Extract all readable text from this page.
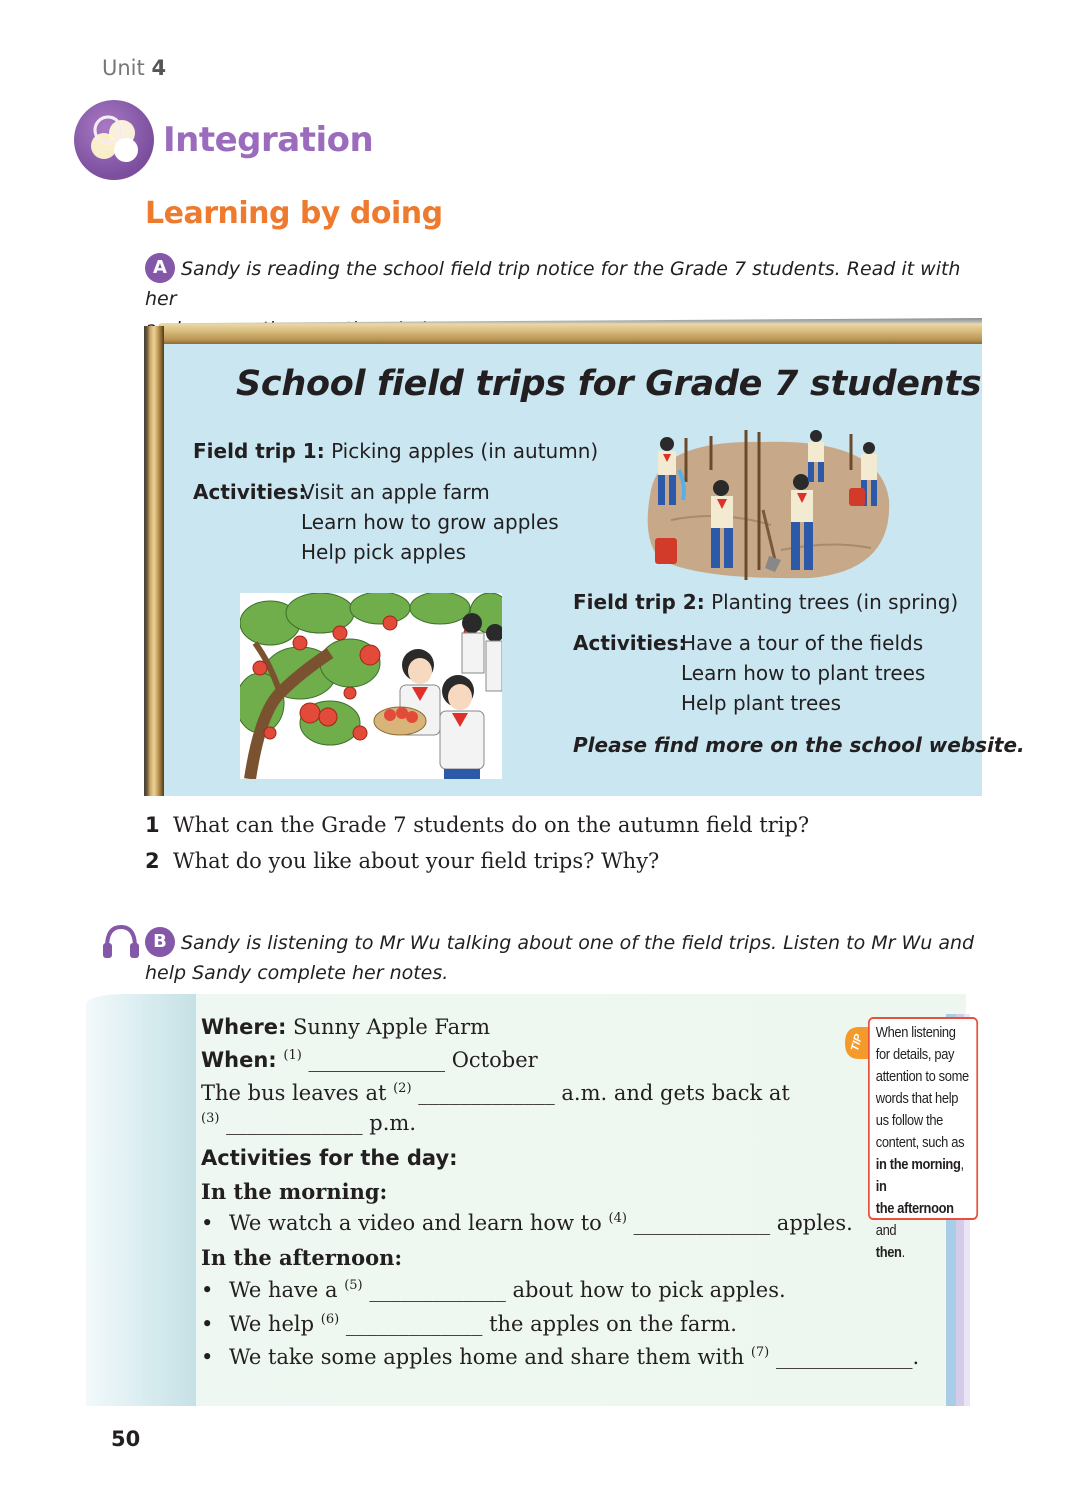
Unit 4
Integration
Learning by doing
A Sandy is reading the school field trip notice for the Grade 7 students. Read it with her

School field trips for Grade 7 students
Field trip 1: Picking apples (in autumn)
Activities:
Visit an apple farm
Learn how to grow apples
Help pick apples
Field trip 2: Planting trees (in spring)
Activities:
Have a tour of the fields
Learn how to plant trees
Help plant trees
Please find more on the school website.
1 What can the Grade 7 students do on the autumn field trip?
2 What do you like about your field trips? Why?
B Sandy is listening to Mr Wu talking about one of the field trips. Listen to Mr Wu and
help Sandy complete her notes.
Where: Sunny Apple Farm
When: $^{(1)}$ _____________ October
The bus leaves at $^{(2)}$ _____________ a.m. and gets back at
$^{(3)}$ _____________ p.m.
Activities for the day:
In the morning:
• We watch a video and learn how to $^{(4)}$ _____________ apples.
In the afternoon:
• We have a $^{(5)}$ _____________ about how to pick apples.
• We help $^{(6)}$ _____________ the apples on the farm.
• We take some apples home and share them with $^{(7)}$ _____________.
TIP
When listening
for details, pay
attention to some
words that help
us follow the
content, such as
in the morning, in
the afternoon and
then.
50
